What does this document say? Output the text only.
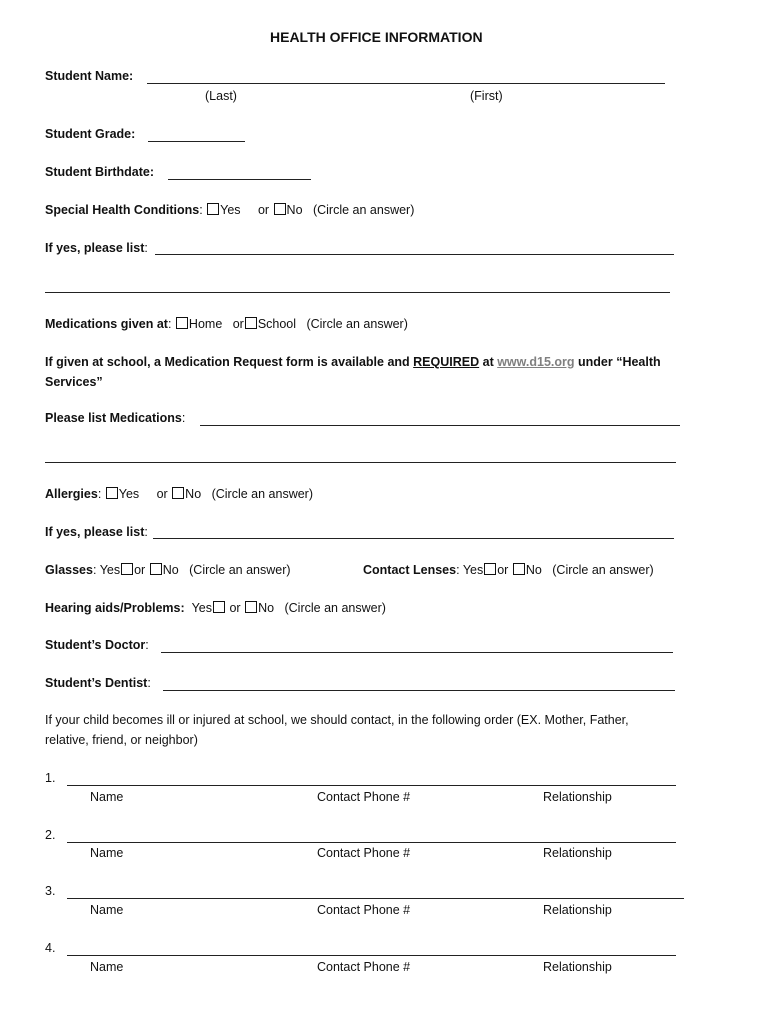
HEALTH OFFICE INFORMATION
Student Name:
(Last)	(First)
Student Grade:
Student Birthdate:
Special Health Conditions: Yes or No (Circle an answer)
If yes, please list:
Medications given at: Home or School (Circle an answer)
If given at school, a Medication Request form is available and REQUIRED at www.d15.org under “Health
Services”
Please list Medications:
Allergies: Yes or No (Circle an answer)
If yes, please list:
Glasses: Yes or No (Circle an answer)	Contact Lenses: Yes or No (Circle an answer)
Hearing aids/Problems: Yes or No (Circle an answer)
Student’s Doctor:
Student’s Dentist:
If your child becomes ill or injured at school, we should contact, in the following order (EX. Mother, Father,
relative, friend, or neighbor)
1.
Name	Contact Phone #	Relationship
2.
Name	Contact Phone #	Relationship
3.
Name	Contact Phone #	Relationship
4.
Name	Contact Phone #	Relationship
